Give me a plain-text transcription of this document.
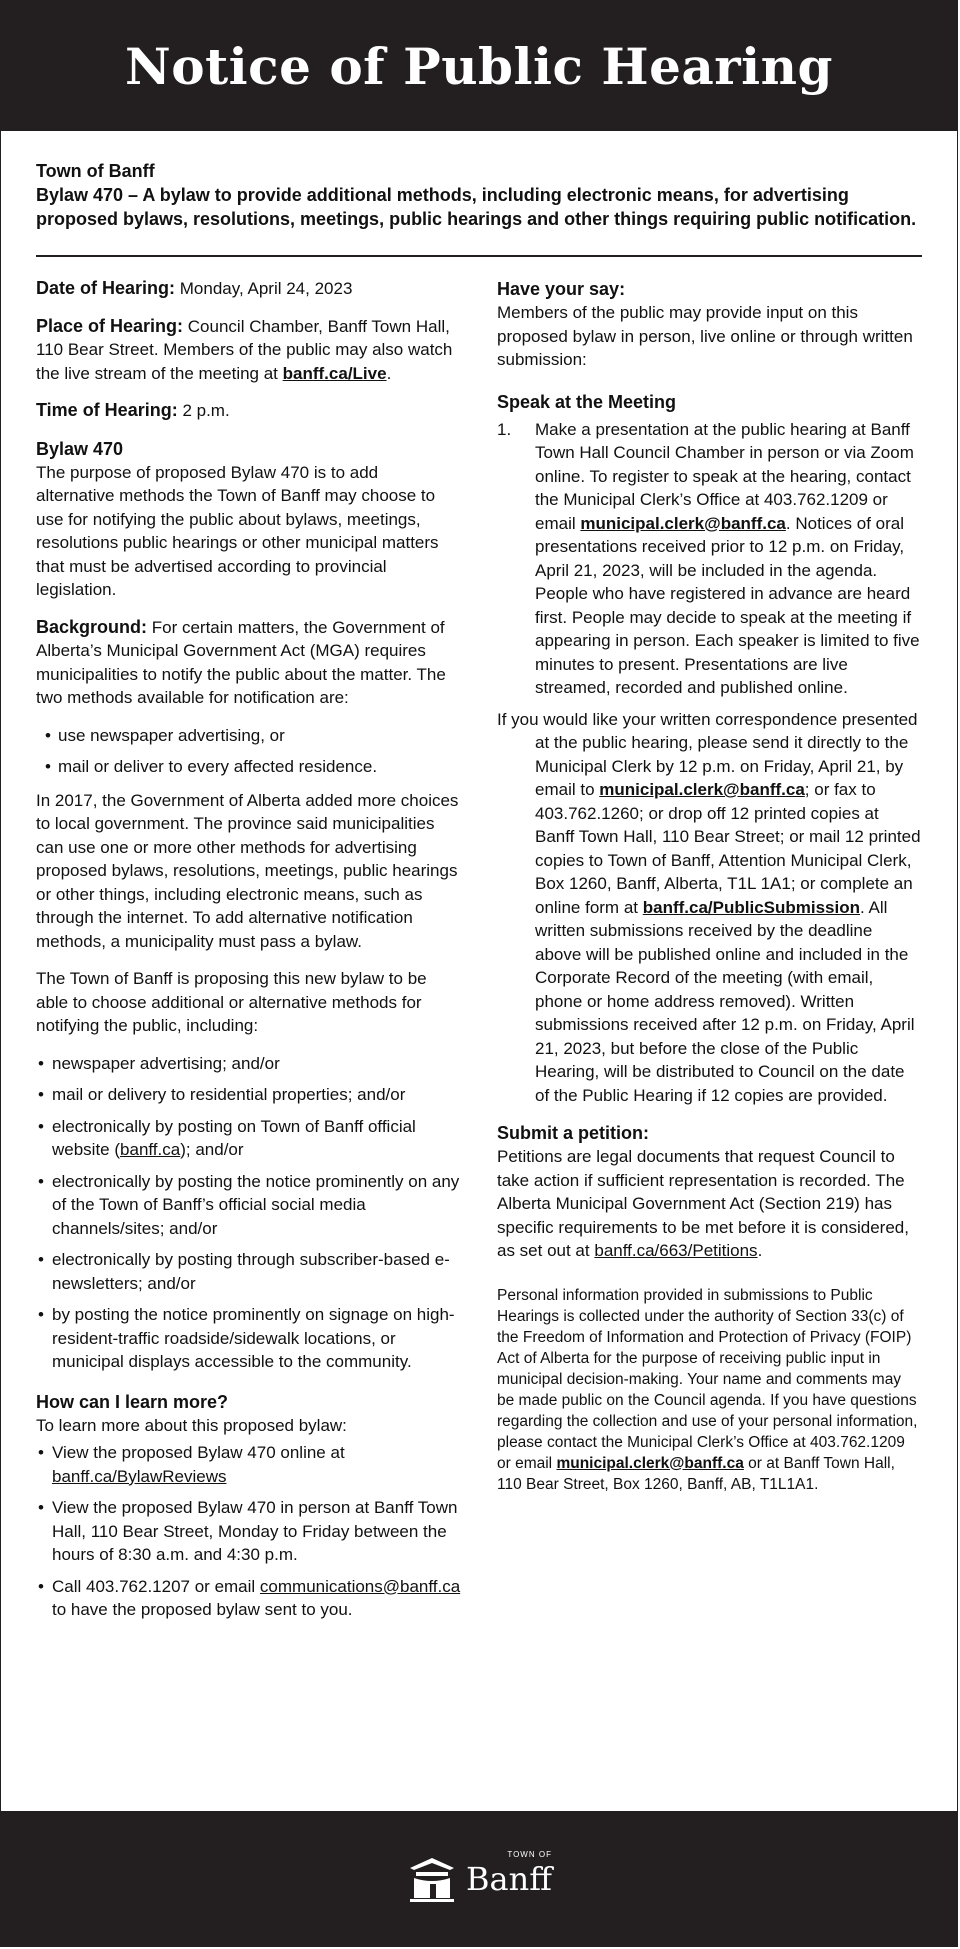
Notice of Public Hearing

Town of Banff

Bylaw 470 – A bylaw to provide additional methods, including electronic means, for advertising proposed bylaws, resolutions, meetings, public hearings and other things requiring public notification.

Date of Hearing: Monday, April 24, 2023

Place of Hearing: Council Chamber, Banff Town Hall, 110 Bear Street. Members of the public may also watch the live stream of the meeting at banff.ca/Live.

Time of Hearing: 2 p.m.

Bylaw 470

The purpose of proposed Bylaw 470 is to add alternative methods the Town of Banff may choose to use for notifying the public about bylaws, meetings, resolutions public hearings or other municipal matters that must be advertised according to provincial legislation.

Background: For certain matters, the Government of Alberta’s Municipal Government Act (MGA) requires municipalities to notify the public about the matter. The two methods available for notification are:

• use newspaper advertising, or
• mail or deliver to every affected residence.

In 2017, the Government of Alberta added more choices to local government. The province said municipalities can use one or more other methods for advertising proposed bylaws, resolutions, meetings, public hearings or other things, including electronic means, such as through the internet. To add alternative notification methods, a municipality must pass a bylaw.

The Town of Banff is proposing this new bylaw to be able to choose additional or alternative methods for notifying the public, including:

• newspaper advertising; and/or
• mail or delivery to residential properties; and/or
• electronically by posting on Town of Banff official website (banff.ca); and/or
• electronically by posting the notice prominently on any of the Town of Banff’s official social media channels/sites; and/or
• electronically by posting through subscriber-based e-newsletters; and/or
• by posting the notice prominently on signage on high-resident-traffic roadside/sidewalk locations, or municipal displays accessible to the community.
How can I learn more?

To learn more about this proposed bylaw:

• View the proposed Bylaw 470 online at
banff.ca/BylawReviews
• View the proposed Bylaw 470 in person at Banff Town Hall, 110 Bear Street, Monday to Friday between the hours of 8:30 a.m. and 4:30 p.m.
• Call 403.762.1207 or email communications@banff.ca to have the proposed bylaw sent to you.
Have your say:

Members of the public may provide input on this proposed bylaw in person, live online or through written submission:

Speak at the Meeting
1. Make a presentation at the public hearing at Banff Town Hall Council Chamber in person or via Zoom online. To register to speak at the hearing, contact the Municipal Clerk’s Office at 403.762.1209 or email municipal.clerk@banff.ca. Notices of oral presentations received prior to 12 p.m. on Friday, April 21, 2023, will be included in the agenda. People who have registered in advance are heard first. People may decide to speak at the meeting if appearing in person. Each speaker is limited to five minutes to present. Presentations are live streamed, recorded and published online.

If you would like your written correspondence presented at the public hearing, please send it directly to the Municipal Clerk by 12 p.m. on Friday, April 21, by email to municipal.clerk@banff.ca; or fax to 403.762.1260; or drop off 12 printed copies at Banff Town Hall, 110 Bear Street; or mail 12 printed copies to Town of Banff, Attention Municipal Clerk, Box 1260, Banff, Alberta, T1L 1A1; or complete an online form at banff.ca/PublicSubmission. All written submissions received by the deadline above will be published online and included in the Corporate Record of the meeting (with email, phone or home address removed). Written submissions received after 12 p.m. on Friday, April 21, 2023, but before the close of the Public Hearing, will be distributed to Council on the date of the Public Hearing if 12 copies are provided.

Submit a petition:

Petitions are legal documents that request Council to take action if sufficient representation is recorded. The Alberta Municipal Government Act (Section 219) has specific requirements to be met before it is considered, as set out at banff.ca/663/Petitions.

Personal information provided in submissions to Public Hearings is collected under the authority of Section 33(c) of the Freedom of Information and Protection of Privacy (FOIP) Act of Alberta for the purpose of receiving public input in municipal decision-making. Your name and comments may be made public on the Council agenda. If you have questions regarding the collection and use of your personal information, please contact the Municipal Clerk’s Office at 403.762.1209 or email municipal.clerk@banff.ca or at Banff Town Hall, 110 Bear Street, Box 1260, Banff, AB, T1L1A1.

TOWN OF
Banff
